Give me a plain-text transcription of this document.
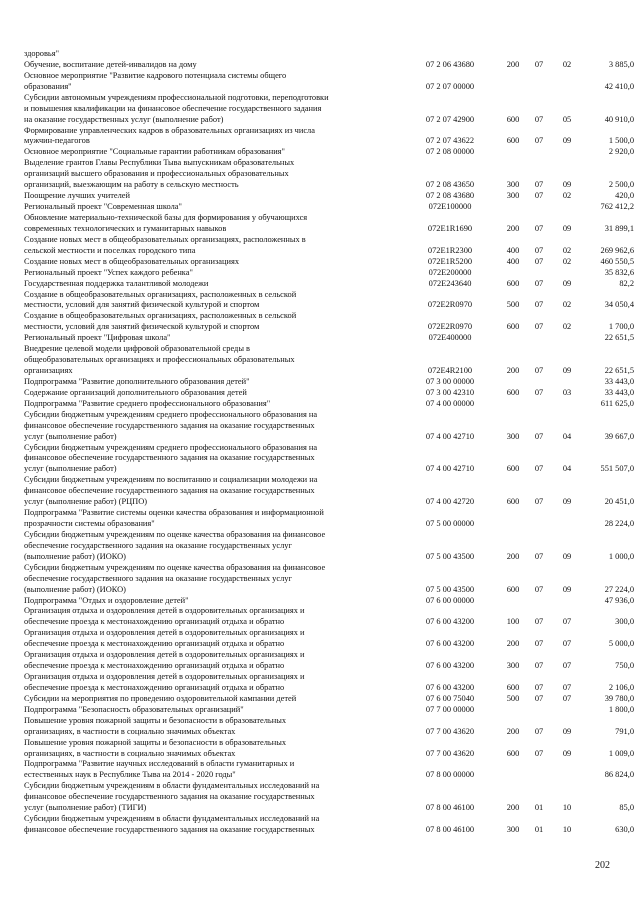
здоровья"
Обучение, воспитание детей-инвалидов на дому	07 2 06 43680	200	07	02	3 885,0
Основное мероприятие "Развитие кадрового потенциала системы общего
образования"	07 2 07 00000	42 410,0
Субсидии автономным учреждениям профессиональной подготовки, переподготовки
и повышения квалификации на финансовое обеспечение государственного задания
на оказание государственных услуг (выполнение работ)	07 2 07 42900	600	07	05	40 910,0
Формирование управленческих кадров в образовательных организациях из числа
мужчин-педагогов	07 2 07 43622	600	07	09	1 500,0
Основное мероприятие "Социальные гарантии работникам образования"	07 2 08 00000	2 920,0
Выделение грантов Главы Республики Тыва выпускникам образовательных
организаций высшего образования и профессиональных образовательных
организаций, выезжающим на работу в сельскую местность	07 2 08 43650	300	07	09	2 500,0
Поощрение лучших учителей	07 2 08 43680	300	07	02	420,0
Региональный проект "Современная школа"	072E100000	762 412,2
Обновление материально-технической базы для формирования у обучающихся
современных технологических и гуманитарных навыков	072E1R1690	200	07	09	31 899,1
Создание новых мест в общеобразовательных организациях, расположенных в
сельской местности и поселках городского типа	072E1R2300	400	07	02	269 962,6
Создание новых мест в общеобразовательных организациях	072E1R5200	400	07	02	460 550,5
Региональный проект "Успех каждого ребенка"	072E200000	35 832,6
Государственная поддержка талантливой молодежи	072E243640	600	07	09	82,2
Создание в общеобразовательных организациях, расположенных в сельской
местности, условий для занятий физической культурой и спортом	072E2R0970	500	07	02	34 050,4
Создание в общеобразовательных организациях, расположенных в сельской
местности, условий для занятий физической культурой и спортом	072E2R0970	600	07	02	1 700,0
Региональный проект "Цифровая школа"	072E400000	22 651,5
Внедрение целевой модели цифровой образовательной среды в
общеобразовательных организациях и профессиональных образовательных
организациях	072E4R2100	200	07	09	22 651,5
Подпрограмма "Развитие дополнительного образования детей"	07 3 00 00000	33 443,0
Содержание организаций дополнительного образования детей	07 3 00 42310	600	07	03	33 443,0
Подпрограмма "Развитие среднего профессионального образования"	07 4 00 00000	611 625,0
Субсидии бюджетным учреждениям среднего профессионального образования на
финансовое обеспечение государственного задания на оказание государственных
услуг (выполнение работ)	07 4 00 42710	300	07	04	39 667,0
Субсидии бюджетным учреждениям среднего профессионального образования на
финансовое обеспечение государственного задания на оказание государственных
услуг (выполнение работ)	07 4 00 42710	600	07	04	551 507,0
Субсидии бюджетным учреждениям по воспитанию и социализации молодежи на
финансовое обеспечение государственного задания на оказание государственных
услуг (выполнение работ) (РЦПО)	07 4 00 42720	600	07	09	20 451,0
Подпрограмма "Развитие системы оценки качества образования и информационной
прозрачности системы образования"	07 5 00 00000	28 224,0
Субсидии бюджетным учреждениям по оценке качества образования на финансовое
обеспечение государственного задания на оказание государственных услуг
(выполнение работ) (ИОКО)	07 5 00 43500	200	07	09	1 000,0
Субсидии бюджетным учреждениям по оценке качества образования на финансовое
обеспечение государственного задания на оказание государственных услуг
(выполнение работ) (ИОКО)	07 5 00 43500	600	07	09	27 224,0
Подпрограмма "Отдых и оздоровление детей"	07 6 00 00000	47 936,0
Организация отдыха и оздоровления детей в оздоровительных организациях и
обеспечение проезда к местонахождению организаций отдыха и обратно	07 6 00 43200	100	07	07	300,0
Организация отдыха и оздоровления детей в оздоровительных организациях и
обеспечение проезда к местонахождению организаций отдыха и обратно	07 6 00 43200	200	07	07	5 000,0
Организация отдыха и оздоровления детей в оздоровительных организациях и
обеспечение проезда к местонахождению организаций отдыха и обратно	07 6 00 43200	300	07	07	750,0
Организация отдыха и оздоровления детей в оздоровительных организациях и
обеспечение проезда к местонахождению организаций отдыха и обратно	07 6 00 43200	600	07	07	2 106,0
Субсидии на мероприятия по проведению оздоровительной кампании детей	07 6 00 75040	500	07	07	39 780,0
Подпрограмма "Безопасность образовательных организаций"	07 7 00 00000	1 800,0
Повышение уровня пожарной защиты и безопасности в образовательных
организациях, в частности в социально значимых объектах	07 7 00 43620	200	07	09	791,0
Повышение уровня пожарной защиты и безопасности в образовательных
организациях, в частности в социально значимых объектах	07 7 00 43620	600	07	09	1 009,0
Подпрограмма "Развитие научных исследований в области гуманитарных и
естественных наук в Республике Тыва на 2014 - 2020 годы"	07 8 00 00000	86 824,0
Субсидии бюджетным учреждениям в области фундаментальных исследований на
финансовое обеспечение государственного задания на оказание государственных
услуг (выполнение работ) (ТИГИ)	07 8 00 46100	200	01	10	85,0
Субсидии бюджетным учреждениям в области фундаментальных исследований на
финансовое обеспечение государственного задания на оказание государственных	07 8 00 46100	300	01	10	630,0
202
